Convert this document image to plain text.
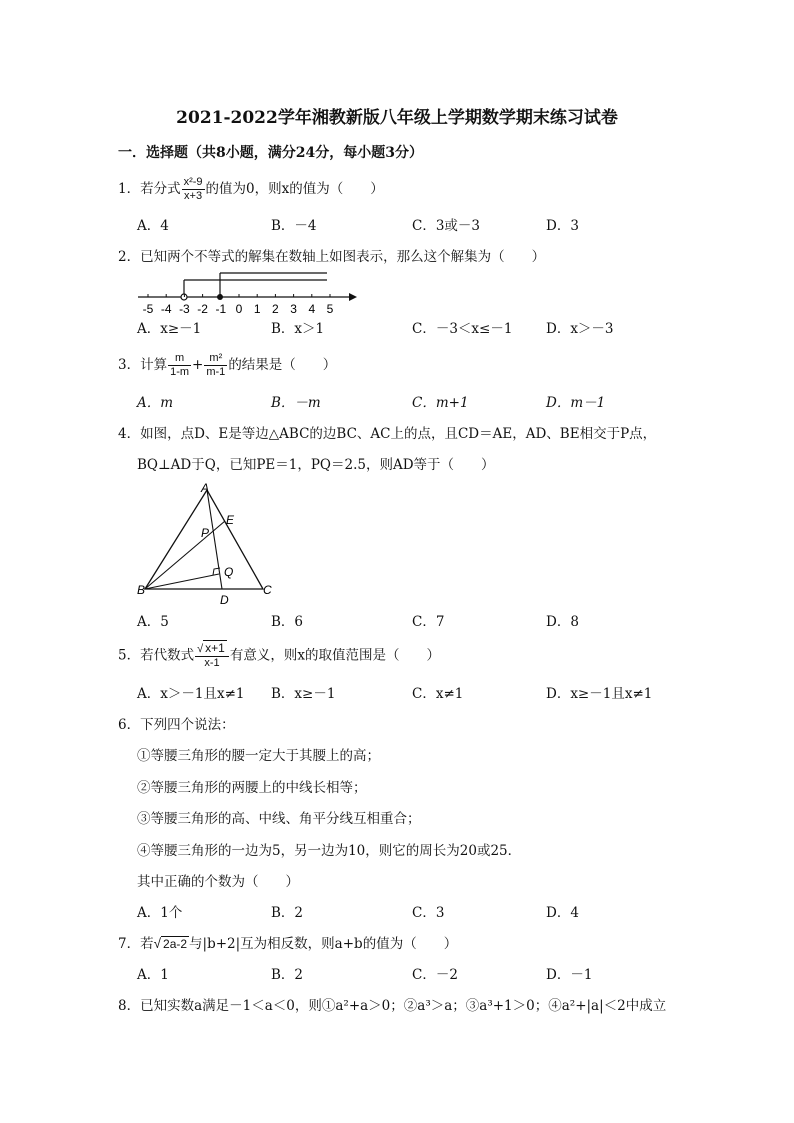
2021-2022学年湘教新版八年级上学期数学期末练习试卷
一．选择题（共8小题，满分24分，每小题3分）
1．若分式 $\frac{\text{x²-9}}{x+3}$ 的值为0，则x的值为（　　）
A．4	B．－4	C．3或－3	D．3
2．已知两个不等式的解集在数轴上如图表示，那么这个解集为（　　）
-5 -4 -3 -2 -1 0 1 2 3 4 5
A．x≥－1	B．x＞1	C．－3＜x≤－1 D．x＞－3
3．计算 $\frac{m}{1-m} + \frac{\text{m²}}{m-1}$ 的结果是（　　）
A．m	B．－m	C．m+1	D．m－1
4．如图，点D、E是等边△ABC的边BC、AC上的点，且CD＝AE，AD、BE相交于P点，
BQ⊥AD于Q，已知PE＝1，PQ＝2.5，则AD等于（　　）
A
B	C
D
E
P
Q
A．5	B．6	C．7	D．8
5．若代数式 $\frac{√ x+1}{x-1}$ 有意义，则x的取值范围是（　　）
A．x＞－1且x≠1 B．x≥－1	C．x≠1	D．x≥－1且x≠1
6．下列四个说法：
①等腰三角形的腰一定大于其腰上的高；
②等腰三角形的两腰上的中线长相等；
③等腰三角形的高、中线、角平分线互相重合；
④等腰三角形的一边为5，另一边为10，则它的周长为20或25．
其中正确的个数为（　　）
A．1个	B．2	C．3	D．4
7．若√ 2a-2 与|b+2|互为相反数，则a+b的值为（　　）
A．1	B．2	C．－2	D．－1
8．已知实数a满足－1＜a＜0，则①a²+a＞0；②a³＞a；③a³+1＞0；④a²+|a|＜2中成立
